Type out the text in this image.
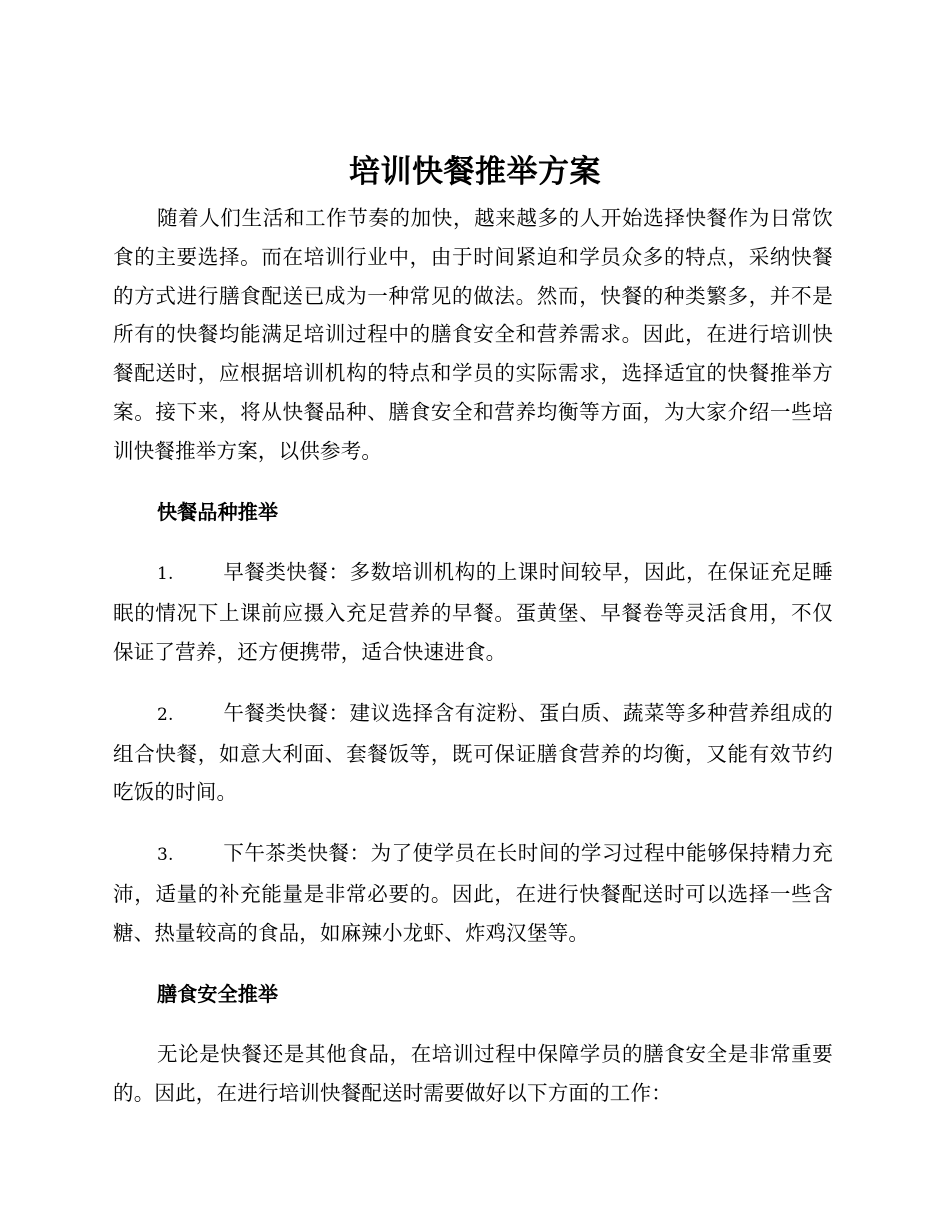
培训快餐推举方案

随着人们生活和工作节奏的加快，越来越多的人开始选择快餐作为日常饮食的主要选择。而在培训行业中，由于时间紧迫和学员众多的特点，采纳快餐的方式进行膳食配送已成为一种常见的做法。然而，快餐的种类繁多，并不是所有的快餐均能满足培训过程中的膳食安全和营养需求。因此，在进行培训快餐配送时，应根据培训机构的特点和学员的实际需求，选择适宜的快餐推举方案。接下来，将从快餐品种、膳食安全和营养均衡等方面，为大家介绍一些培训快餐推举方案，以供参考。

快餐品种推举

1. 早餐类快餐：多数培训机构的上课时间较早，因此，在保证充足睡眠的情况下上课前应摄入充足营养的早餐。蛋黄堡、早餐卷等灵活食用，不仅保证了营养，还方便携带，适合快速进食。

2. 午餐类快餐：建议选择含有淀粉、蛋白质、蔬菜等多种营养组成的组合快餐，如意大利面、套餐饭等，既可保证膳食营养的均衡，又能有效节约吃饭的时间。

3. 下午茶类快餐：为了使学员在长时间的学习过程中能够保持精力充沛，适量的补充能量是非常必要的。因此，在进行快餐配送时可以选择一些含糖、热量较高的食品，如麻辣小龙虾、炸鸡汉堡等。

膳食安全推举

无论是快餐还是其他食品，在培训过程中保障学员的膳食安全是非常重要的。因此，在进行培训快餐配送时需要做好以下方面的工作：
